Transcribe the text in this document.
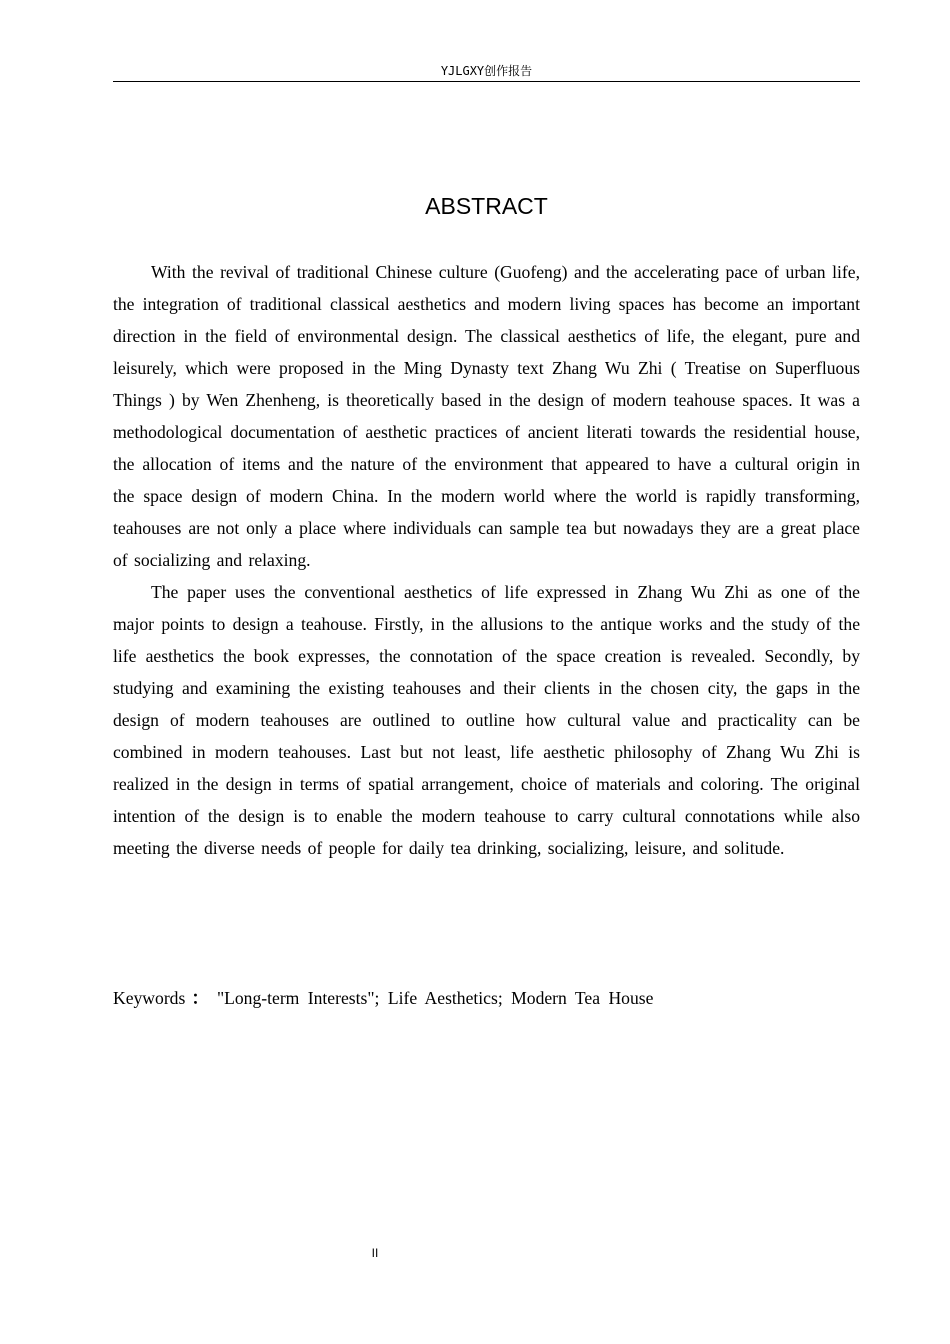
YJLGXY创作报告
ABSTRACT

With the revival of traditional Chinese culture (Guofeng) and the accelerating pace of urban life, the integration of traditional classical aesthetics and modern living spaces has become an important direction in the field of environmental design. The classical aesthetics of life, the elegant, pure and leisurely, which were proposed in the Ming Dynasty text Zhang Wu Zhi ( Treatise on Superfluous Things ) by Wen Zhenheng, is theoretically based in the design of modern teahouse spaces. It was a methodological documentation of aesthetic practices of ancient literati towards the residential house, the allocation of items and the nature of the environment that appeared to have a cultural origin in the space design of modern China. In the modern world where the world is rapidly transforming, teahouses are not only a place where individuals can sample tea but nowadays they are a great place of socializing and relaxing.

The paper uses the conventional aesthetics of life expressed in Zhang Wu Zhi as one of the major points to design a teahouse. Firstly, in the allusions to the antique works and the study of the life aesthetics the book expresses, the connotation of the space creation is revealed. Secondly, by studying and examining the existing teahouses and their clients in the chosen city, the gaps in the design of modern teahouses are outlined to outline how cultural value and practicality can be combined in modern teahouses. Last but not least, life aesthetic philosophy of Zhang Wu Zhi is realized in the design in terms of spatial arrangement, choice of materials and coloring. The original intention of the design is to enable the modern teahouse to carry cultural connotations while also meeting the diverse needs of people for daily tea drinking, socializing, leisure, and solitude.

Keywords ： "Long-term Interests"; Life Aesthetics; Modern Tea House
II
